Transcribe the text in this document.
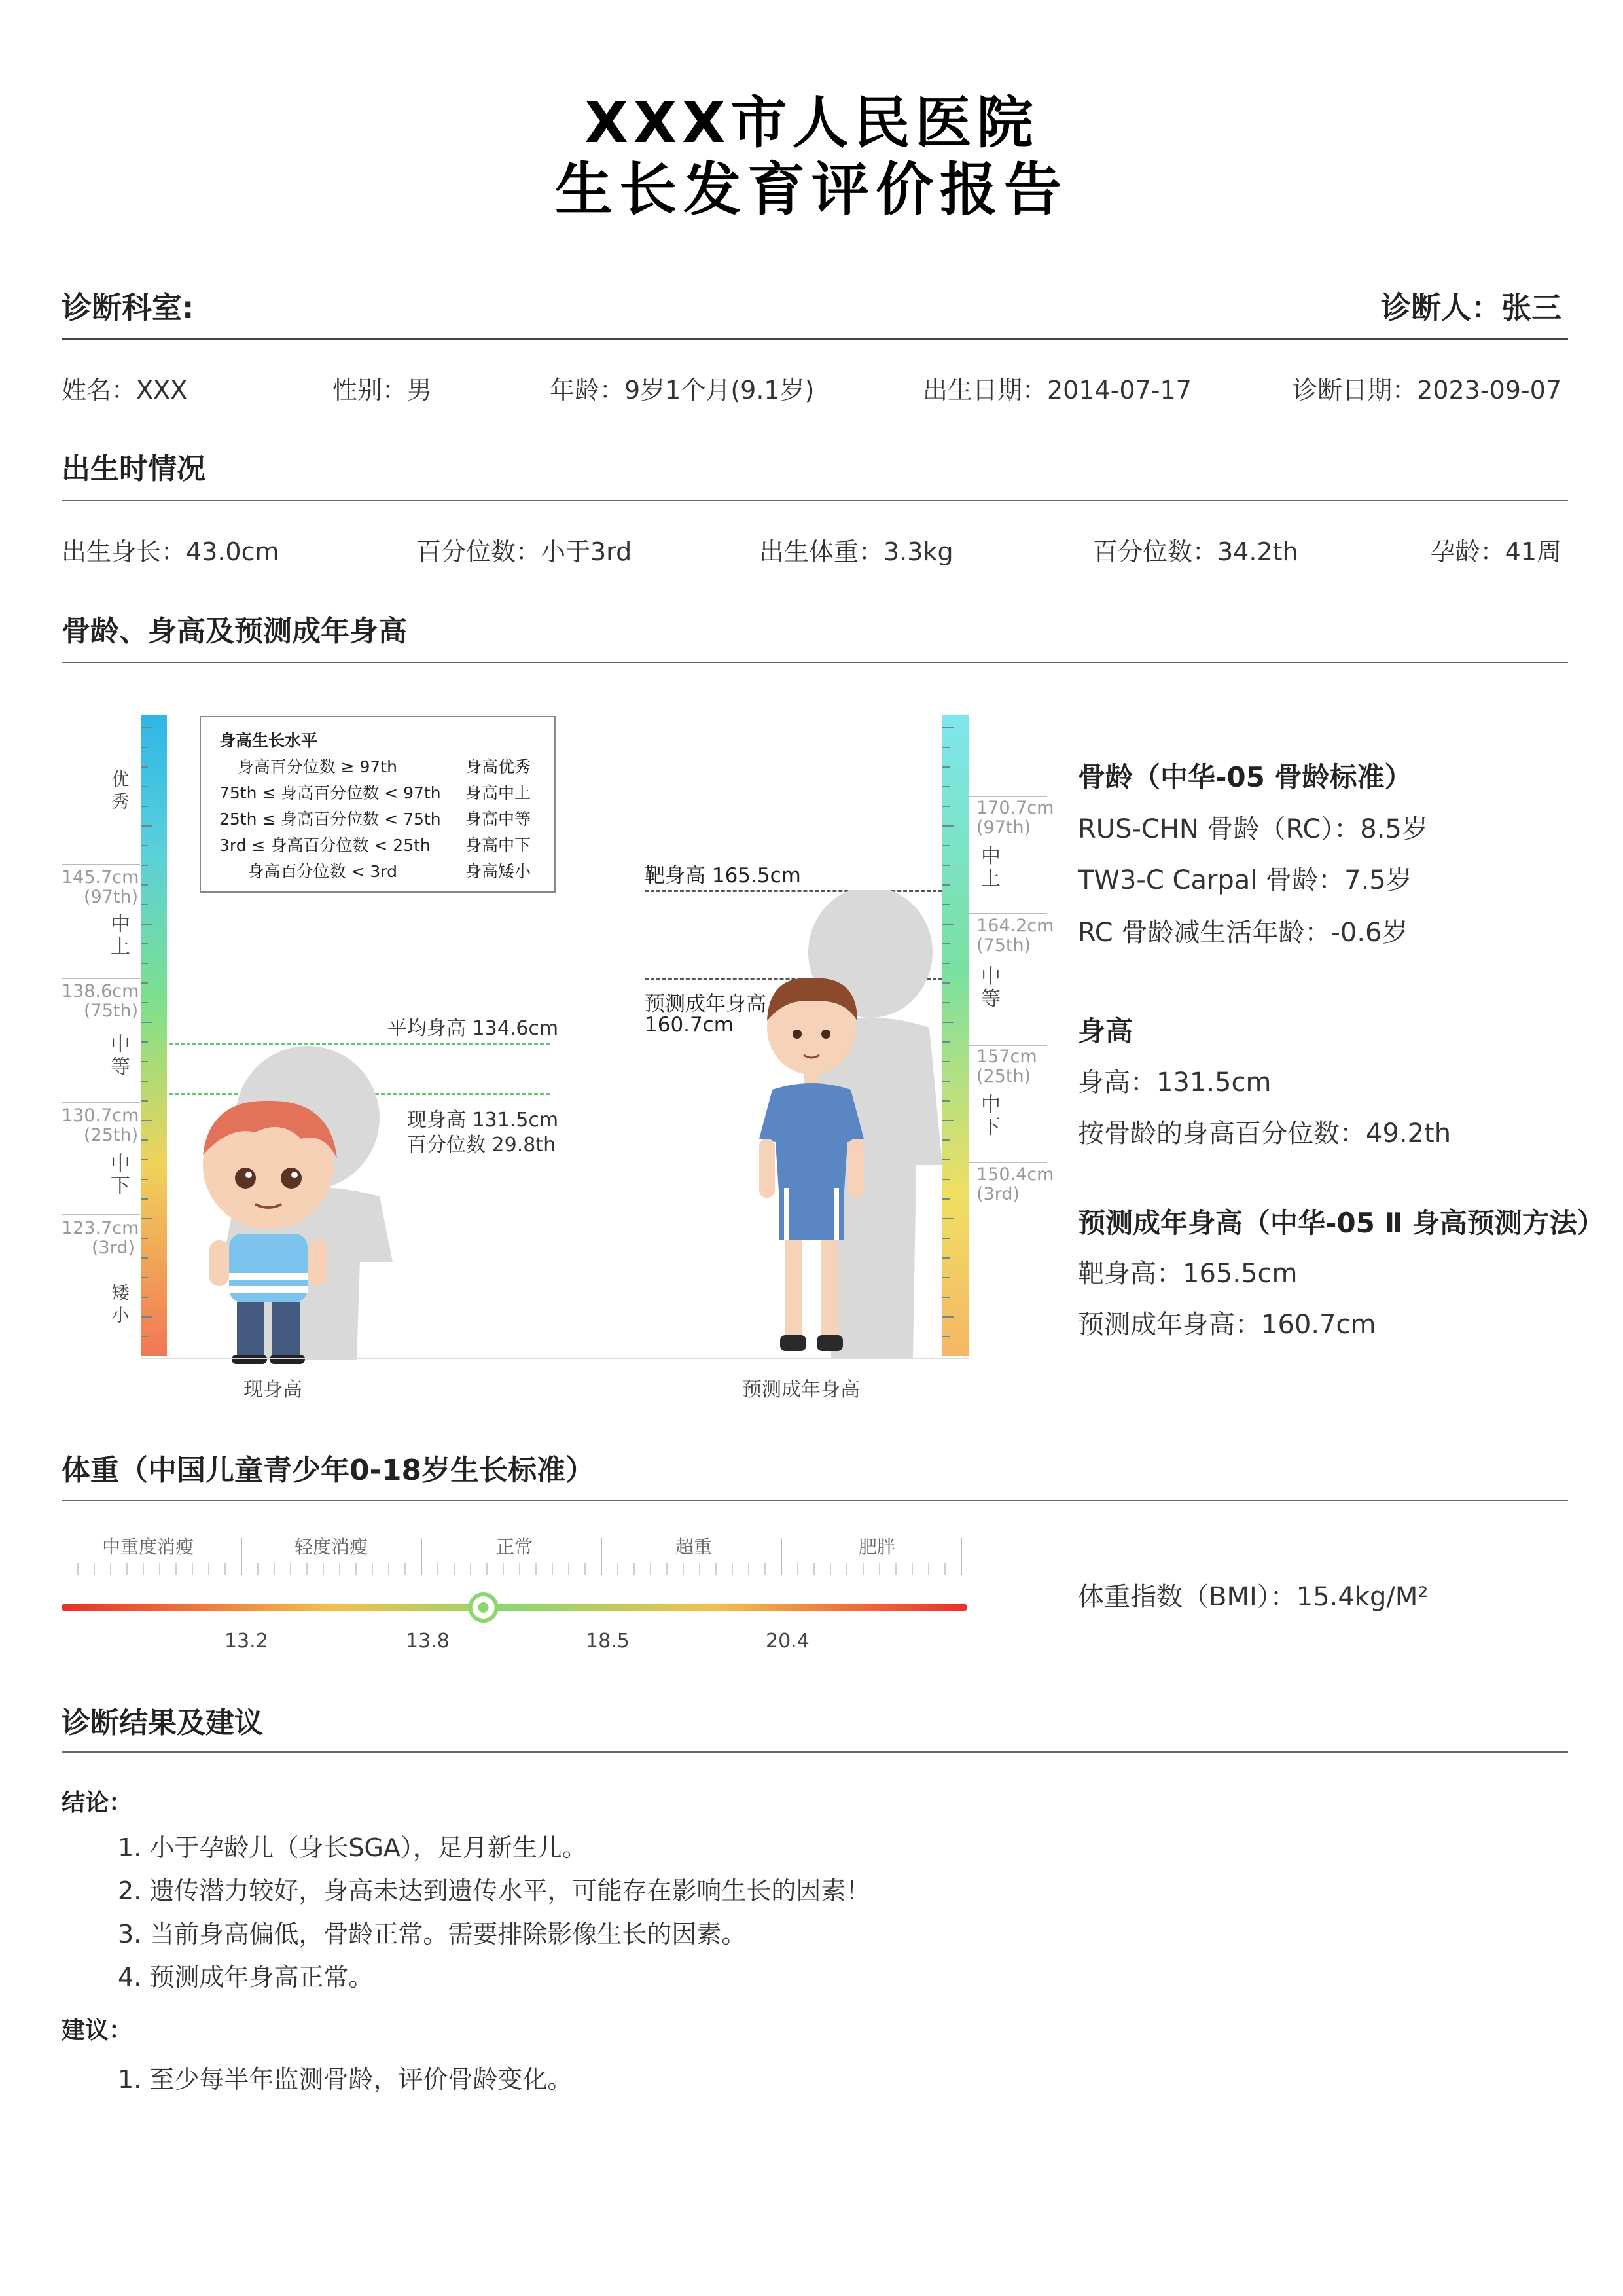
XXX市人民医院
生长发育评价报告
诊断科室:	诊断人：张三
姓名：XXX	性别：男	年龄：9岁1个月(9.1岁)	出生日期：2014-07-17	诊断日期：2023-09-07
出生时情况
出生身长：43.0cm	百分位数：小于3rd	出生体重：3.3kg	百分位数：34.2th	孕龄：41周
骨龄、身高及预测成年身高
145.7cm
(97th)
138.6cm
(75th)
130.7cm
(25th)
123.7cm
(3rd)
优
秀
中
上
中
等
中
下
矮
小
身高生长水平
身高百分位数 ≥ 97th	身高优秀
75th ≤ 身高百分位数 < 97th 身高中上
25th ≤ 身高百分位数 < 75th 身高中等
3rd ≤ 身高百分位数 < 25th 身高中下
身高百分位数 < 3rd	身高矮小
平均身高 134.6cm
现身高 131.5cm
百分位数 29.8th
170.7cm
(97th)
164.2cm
(75th)
157cm
(25th)
150.4cm
(3rd)
中
上
中
等
中
下
靶身高 165.5cm
预测成年身高
160.7cm
现身高	预测成年身高
骨龄（中华-05 骨龄标准）
RUS-CHN 骨龄（RC）：8.5岁
TW3-C Carpal 骨龄：7.5岁
RC 骨龄减生活年龄：-0.6岁
身高
身高：131.5cm
按骨龄的身高百分位数：49.2th
预测成年身高（中华-05 Ⅱ 身高预测方法）
靶身高：165.5cm
预测成年身高：160.7cm
体重（中国儿童青少年0-18岁生长标准）
中重度消瘦	轻度消瘦	正常	超重	肥胖
13.2	13.8	18.5	20.4
体重指数（BMI）：15.4kg/M²
诊断结果及建议
结论：
1. 小于孕龄儿（身长SGA），足月新生儿。
2. 遗传潜力较好，身高未达到遗传水平，可能存在影响生长的因素！
3. 当前身高偏低，骨龄正常。需要排除影像生长的因素。
4. 预测成年身高正常。
建议：
1. 至少每半年监测骨龄，评价骨龄变化。
